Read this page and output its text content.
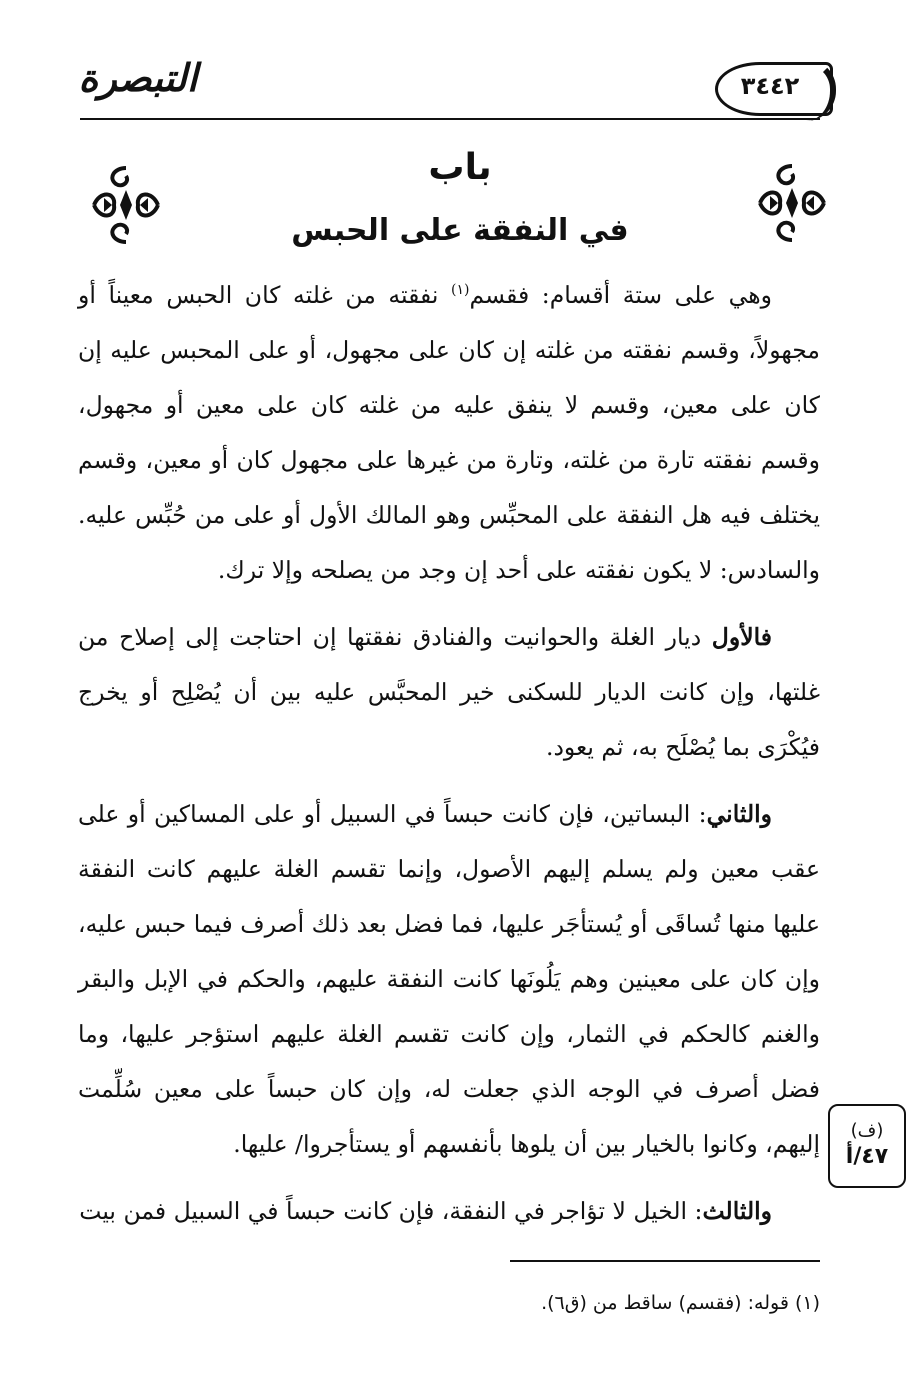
التبصرة	٣٤٤٢
باب
في النفقة على الحبس

وهي على ستة أقسام: فقسم$^{(١)}$ نفقته من غلته كان الحبس معيناً أو مجهولاً، وقسم نفقته من غلته إن كان على مجهول، أو على المحبس عليه إن كان على معين، وقسم لا ينفق عليه من غلته كان على معين أو مجهول، وقسم نفقته تارة من غلته، وتارة من غيرها على مجهول كان أو معين، وقسم يختلف فيه هل النفقة على المحبِّس وهو المالك الأول أو على من حُبِّس عليه. والسادس: لا يكون نفقته على أحد إن وجد من يصلحه وإلا ترك.

فالأول ديار الغلة والحوانيت والفنادق نفقتها إن احتاجت إلى إصلاح من غلتها، وإن كانت الديار للسكنى خير المحبَّس عليه بين أن يُصْلِح أو يخرج فيُكْرَى بما يُصْلَح به، ثم يعود.

والثاني: البساتين، فإن كانت حبساً في السبيل أو على المساكين أو على عقب معين ولم يسلم إليهم الأصول، وإنما تقسم الغلة عليهم كانت النفقة عليها منها تُساقَى أو يُستأجَر عليها، فما فضل بعد ذلك أصرف فيما حبس عليه، وإن كان على معينين وهم يَلُونَها كانت النفقة عليهم، والحكم في الإبل والبقر والغنم كالحكم في الثمار، وإن كانت تقسم الغلة عليهم استؤجر عليها، وما فضل أصرف في الوجه الذي جعلت له، وإن كان حبساً على معين سُلِّمت إليهم، وكانوا بالخيار بين أن يلوها بأنفسهم أو يستأجروا/ عليها.

والثالث: الخيل لا تؤاجر في النفقة، فإن كانت حبساً في السبيل فمن بيت

(ف)
٤٧/أ
(١) قوله: (فقسم) ساقط من (ق٦).
